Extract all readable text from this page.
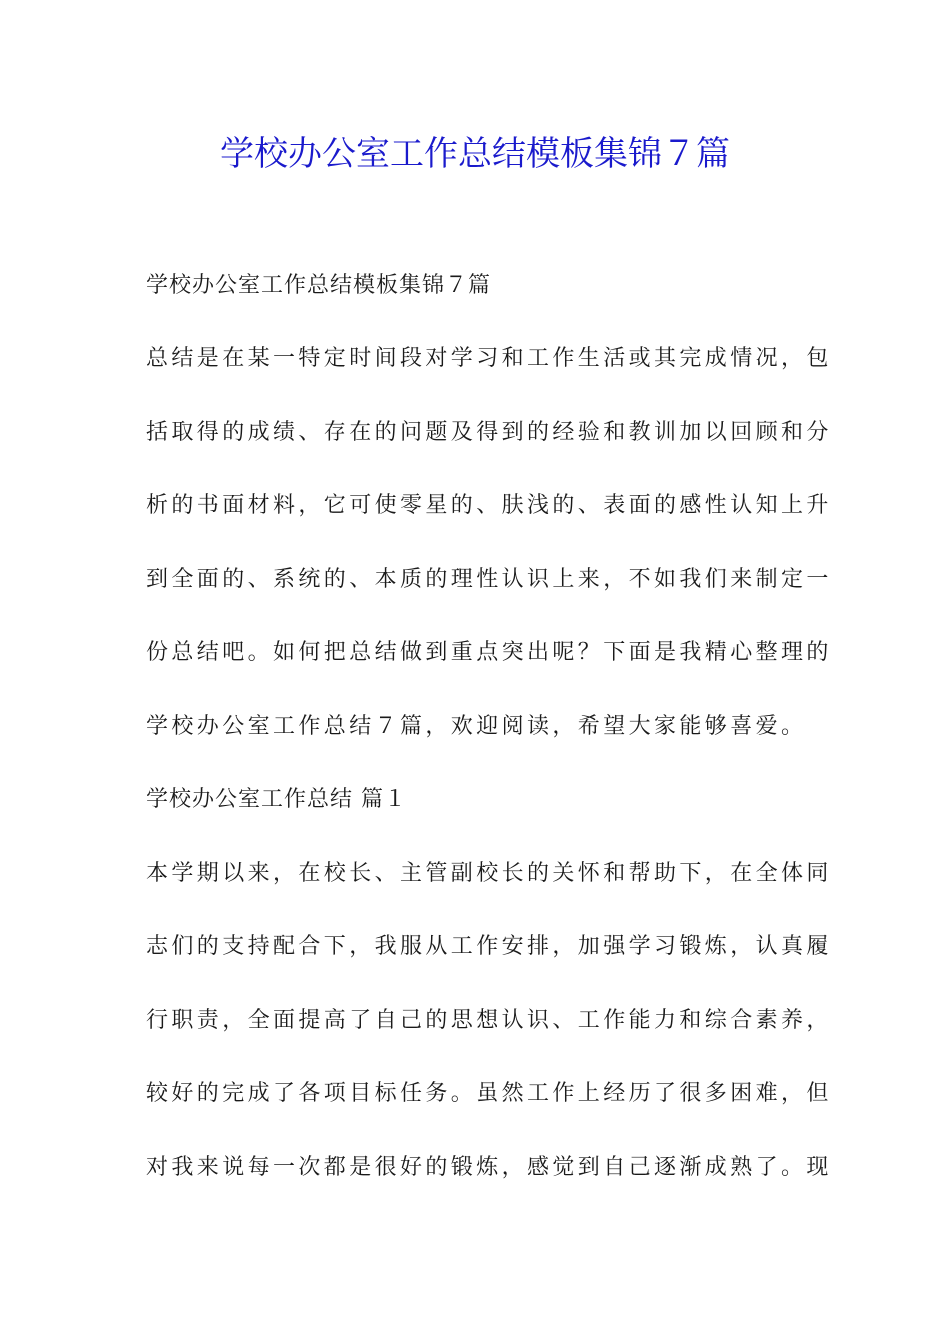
学校办公室工作总结模板集锦７篇

学校办公室工作总结模板集锦７篇

总结是在某一特定时间段对学习和工作生活或其完成情况，包

括取得的成绩、存在的问题及得到的经验和教训加以回顾和分

析的书面材料，它可使零星的、肤浅的、表面的感性认知上升

到全面的、系统的、本质的理性认识上来，不如我们来制定一

份总结吧。如何把总结做到重点突出呢？下面是我精心整理的

学校办公室工作总结７篇，欢迎阅读，希望大家能够喜爱。

学校办公室工作总结 篇１

本学期以来，在校长、主管副校长的关怀和帮助下，在全体同

志们的支持配合下，我服从工作安排，加强学习锻炼，认真履

行职责，全面提高了自己的思想认识、工作能力和综合素养，

较好的完成了各项目标任务。虽然工作上经历了很多困难，但

对我来说每一次都是很好的锻炼，感觉到自己逐渐成熟了。现
